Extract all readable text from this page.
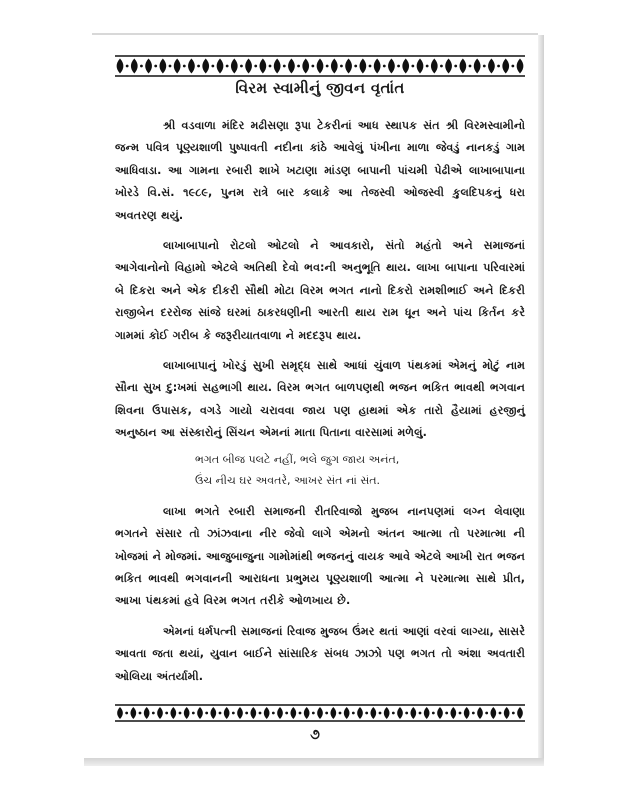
વિરમ સ્વામીનું જીવન વૃતાંત

શ્રી વડવાળા મંદિર મઢીસણા રૂપા ટેકરીનાં આધ સ્થાપક સંત શ્રી વિરમસ્વામીનો જન્મ પવિત્ર પૂણ્યશાળી પુષ્પાવતી નદીના કાંઠે આવેલું પંખીના માળા જેવડું નાનકડું ગામ આધિવાડા. આ ગામના રબારી શાખે ખટાણા માંડણ બાપાની પાંચમી પેઢીએ લાખાબાપાના ખોરડે વિ.સં. ૧૯૮૯, પુનમ રાત્રે બાર કલાકે આ તેજસ્વી ઓજસ્વી કુલદિપકનું ધરા અવતરણ થયું.

લાખાબાપાનો રોટલો ઓટલો ને આવકારો, સંતો મહંતો અને સમાજનાં આગેવાનોનો વિહામો એટલે અતિથી દેવો ભવ:ની અનુભૂતિ થાય. લાખા બાપાના પરિવારમાં બે દિકરા અને એક દીકરી સૌથી મોટા વિરમ ભગત નાનો દિકરો રામશીભાઈ અને દિકરી રાજીબેન દરરોજ સાંજે ઘરમાં ઠાકરધણીની આરતી થાય રામ ધૂન અને પાંચ કિર્તન કરે ગામમાં કોઈ ગરીબ કે જરૂરીયાતવાળા ને મદદરૂપ થાય.

લાખાબાપાનું ખોરડું સુખી સમૃદ્ધ સાથે આધાં ચુંવાળ પંથકમાં એમનું મોટું નામ સૌના સુખ દુ:ખમાં સહભાગી થાય. વિરમ ભગત બાળપણથી ભજન ભકિત ભાવથી ભગવાન શિવના ઉપાસક, વગડે ગાયો ચરાવવા જાય પણ હાથમાં એક તારો હૈયામાં હરજીનું અનુષ્ઠાન આ સંસ્કારોનું સિંચન એમનાં માતા પિતાના વારસામાં મળેલું.

ભગત બીજ પલટે નહીં, ભલે જુગ જાય અનંત,
ઉંચ નીચ ઘર અવતરે, આખર સંત નાં સંત.

લાખા ભગતે રબારી સમાજની રીતરિવાજો મુજબ નાનપણમાં લગ્ન લેવાણા ભગતને સંસાર તો ઝાંઝવાના નીર જેવો લાગે એમનો અંતન આત્મા તો પરમાત્મા ની ખોજમાં ને મોજમાં. આજુબાજુના ગામોમાંથી ભજનનું વાયક આવે એટલે આખી રાત ભજન ભકિત ભાવથી ભગવાનની આરાધના પ્રભુમય પૂણ્યશાળી આત્મા ને પરમાત્મા સાથે પ્રીત, આખા પંથકમાં હવે વિરમ ભગત તરીકે ઓળખાય છે.

એમનાં ધર્મપત્ની સમાજનાં રિવાજ મુજબ ઉંમર થતાં આણાં વરવાં લાગ્યા, સાસરે આવતા જતા થયાં, યુવાન બાઈને સાંસારિક સંબધ ઝાઝો પણ ભગત તો અંશા અવતારી ઓલિયા અંતર્યામી.

૭
